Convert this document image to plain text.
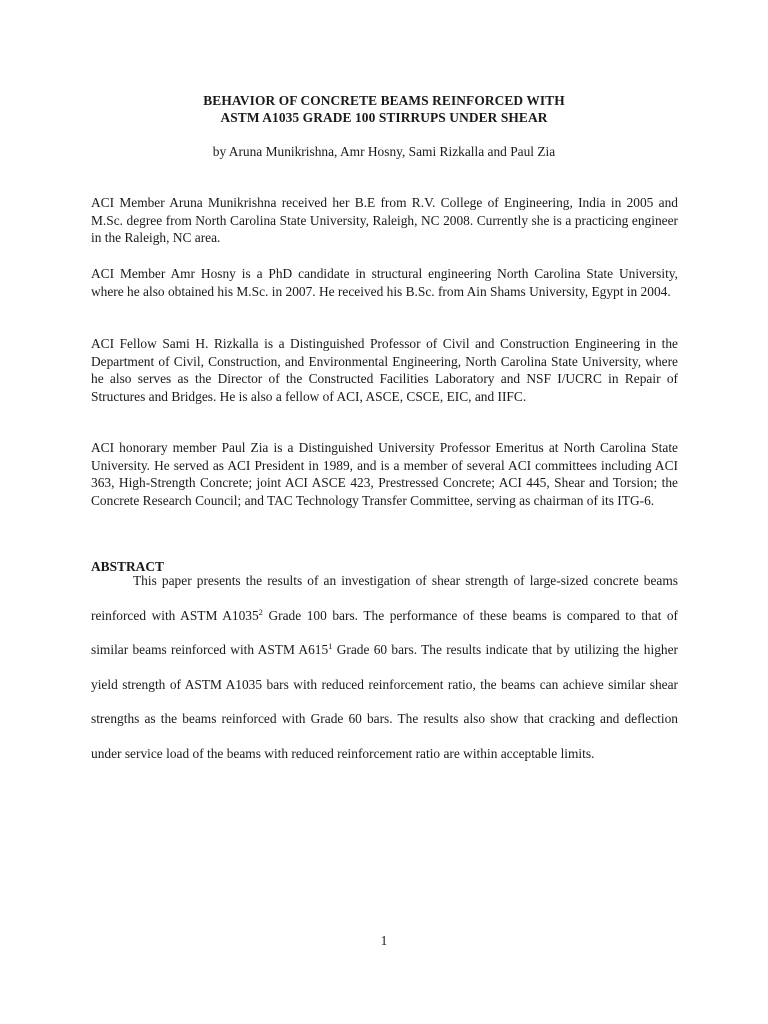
BEHAVIOR OF CONCRETE BEAMS REINFORCED WITH
ASTM A1035 GRADE 100 STIRRUPS UNDER SHEAR
by Aruna Munikrishna, Amr Hosny, Sami Rizkalla and Paul Zia

ACI Member Aruna Munikrishna received her B.E from R.V. College of Engineering, India in 2005 and M.Sc. degree from North Carolina State University, Raleigh, NC 2008. Currently she is a practicing engineer in the Raleigh, NC area.

ACI Member Amr Hosny is a PhD candidate in structural engineering North Carolina State University, where he also obtained his M.Sc. in 2007. He received his B.Sc. from Ain Shams University, Egypt in 2004.

ACI Fellow Sami H. Rizkalla is a Distinguished Professor of Civil and Construction Engineering in the Department of Civil, Construction, and Environmental Engineering, North Carolina State University, where he also serves as the Director of the Constructed Facilities Laboratory and NSF I/UCRC in Repair of Structures and Bridges. He is also a fellow of ACI, ASCE, CSCE, EIC, and IIFC.

ACI honorary member Paul Zia is a Distinguished University Professor Emeritus at North Carolina State University. He served as ACI President in 1989, and is a member of several ACI committees including ACI 363, High-Strength Concrete; joint ACI ASCE 423, Prestressed Concrete; ACI 445, Shear and Torsion; the Concrete Research Council; and TAC Technology Transfer Committee, serving as chairman of its ITG-6.

ABSTRACT

This paper presents the results of an investigation of shear strength of large-sized concrete beams reinforced with ASTM A1035$^2$ Grade 100 bars. The performance of these beams is compared to that of similar beams reinforced with ASTM $A615^1$ Grade 60 bars. The results indicate that by utilizing the higher yield strength of ASTM A1035 bars with reduced reinforcement ratio, the beams can achieve similar shear strengths as the beams reinforced with Grade 60 bars. The results also show that cracking and deflection under service load of the beams with reduced reinforcement ratio are within acceptable limits.

1
